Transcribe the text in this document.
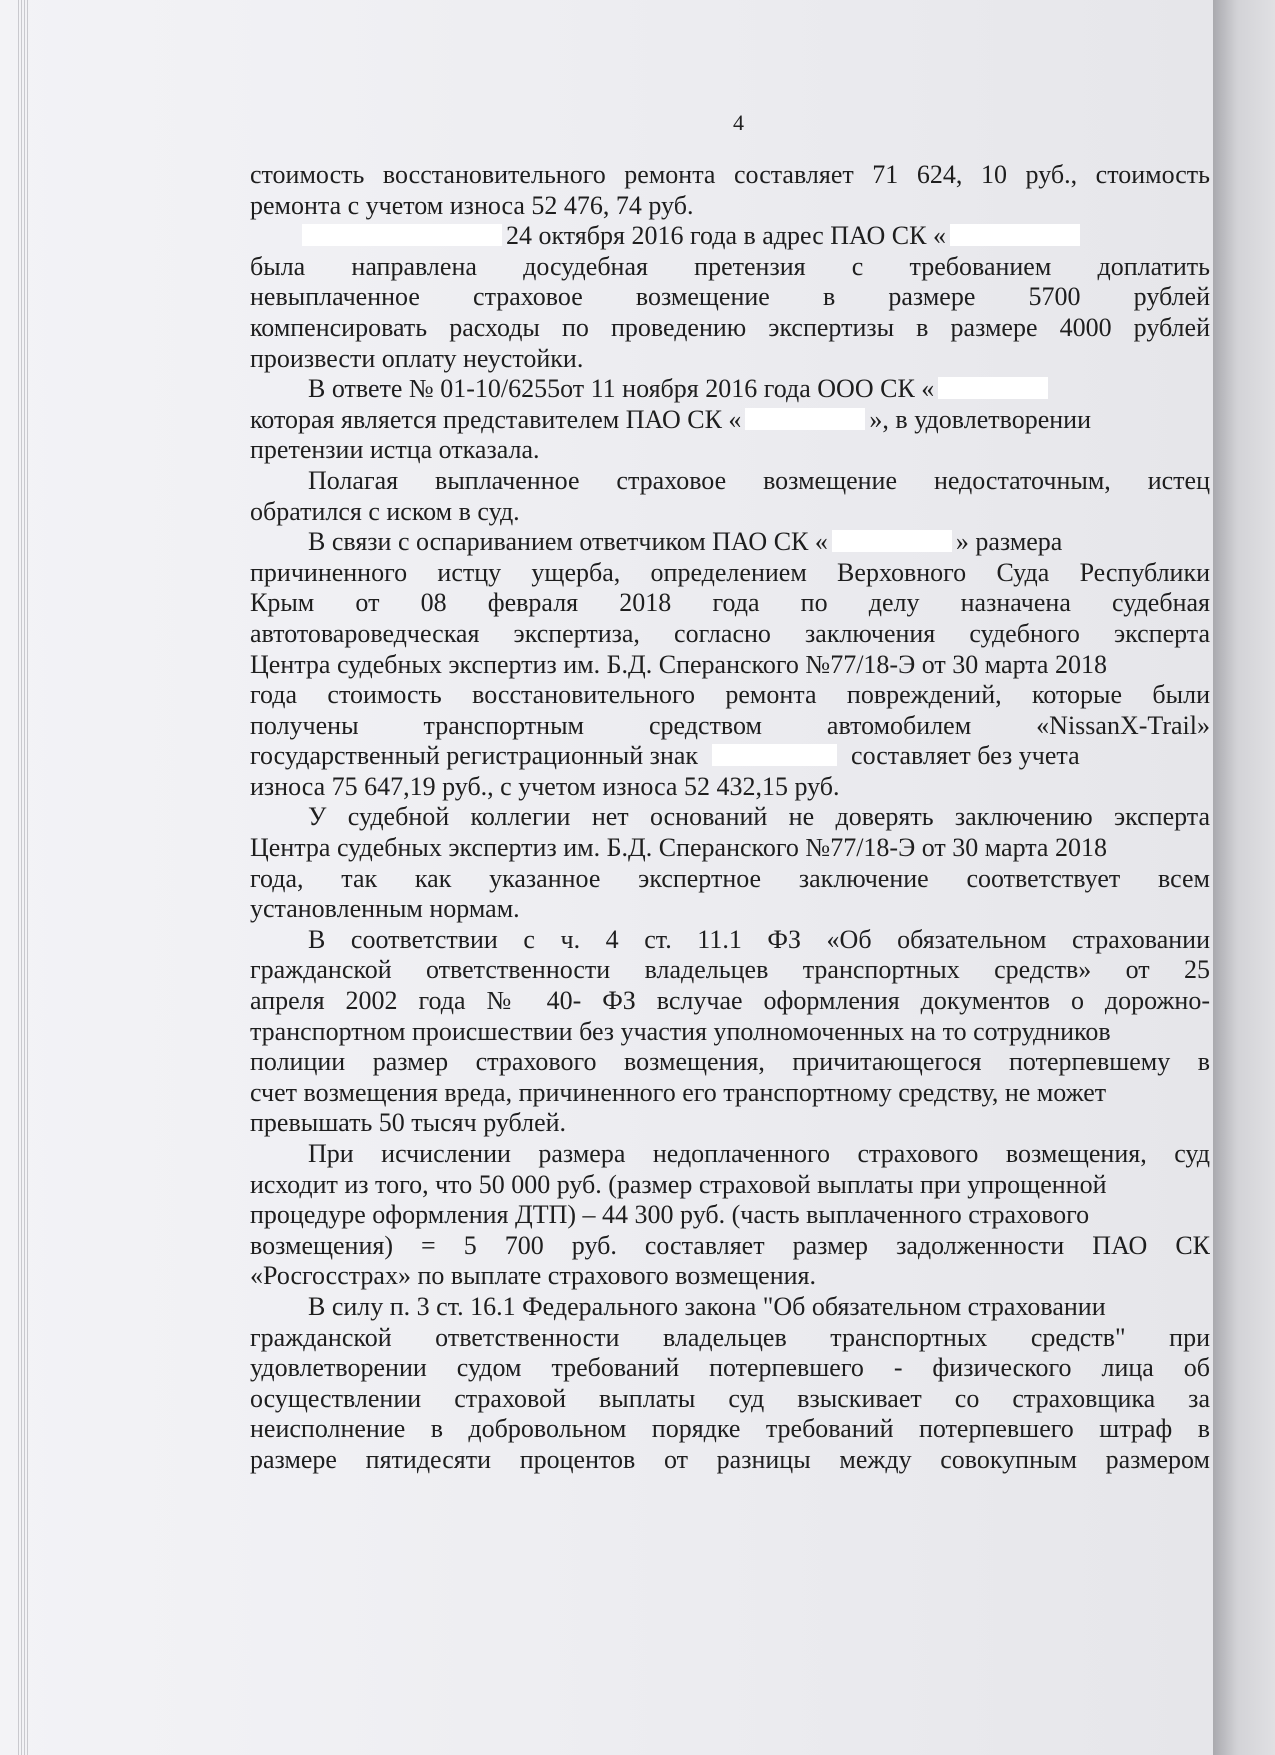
4
стоимость восстановительного ремонта составляет 71 624, 10 руб., стоимость
ремонта с учетом износа 52 476, 74 руб.
24 октября 2016 года в адрес ПАО СК «
была направлена досудебная претензия с требованием доплатить
невыплаченное страховое возмещение в размере 5700 рублей
компенсировать расходы по проведению экспертизы в размере 4000 рублей
произвести оплату неустойки.
В ответе № 01-10/6255от 11 ноября 2016 года ООО СК «
которая является представителем ПАО СК «	», в удовлетворении
претензии истца отказала.
Полагая выплаченное страховое возмещение недостаточным, истец
обратился с иском в суд.
В связи с оспариванием ответчиком ПАО СК «	» размера
причиненного истцу ущерба, определением Верховного Суда Республики
Крым от 08 февраля 2018 года по делу назначена судебная
автотовароведческая экспертиза, согласно заключения судебного эксперта
Центра судебных экспертиз им. Б.Д. Сперанского №77/18-Э от 30 марта 2018
года стоимость восстановительного ремонта повреждений, которые были
получены транспортным средством автомобилем «NissanX-Trail»
государственный регистрационный знак	составляет без учета
износа 75 647,19 руб., с учетом износа 52 432,15 руб.
У судебной коллегии нет оснований не доверять заключению эксперта
Центра судебных экспертиз им. Б.Д. Сперанского №77/18-Э от 30 марта 2018
года, так как указанное экспертное заключение соответствует всем
установленным нормам.
В соответствии с ч. 4 ст. 11.1 ФЗ «Об обязательном страховании
гражданской ответственности владельцев транспортных средств» от 25
апреля 2002 года № 40- ФЗ вслучае оформления документов о дорожно-
транспортном происшествии без участия уполномоченных на то сотрудников
полиции размер страхового возмещения, причитающегося потерпевшему в
счет возмещения вреда, причиненного его транспортному средству, не может
превышать 50 тысяч рублей.
При исчислении размера недоплаченного страхового возмещения, суд
исходит из того, что 50 000 руб. (размер страховой выплаты при упрощенной
процедуре оформления ДТП) – 44 300 руб. (часть выплаченного страхового
возмещения) = 5 700 руб. составляет размер задолженности ПАО СК
«Росгосстрах» по выплате страхового возмещения.
В силу п. 3 ст. 16.1 Федерального закона "Об обязательном страховании
гражданской ответственности владельцев транспортных средств" при
удовлетворении судом требований потерпевшего - физического лица об
осуществлении страховой выплаты суд взыскивает со страховщика за
неисполнение в добровольном порядке требований потерпевшего штраф в
размере пятидесяти процентов от разницы между совокупным размером
